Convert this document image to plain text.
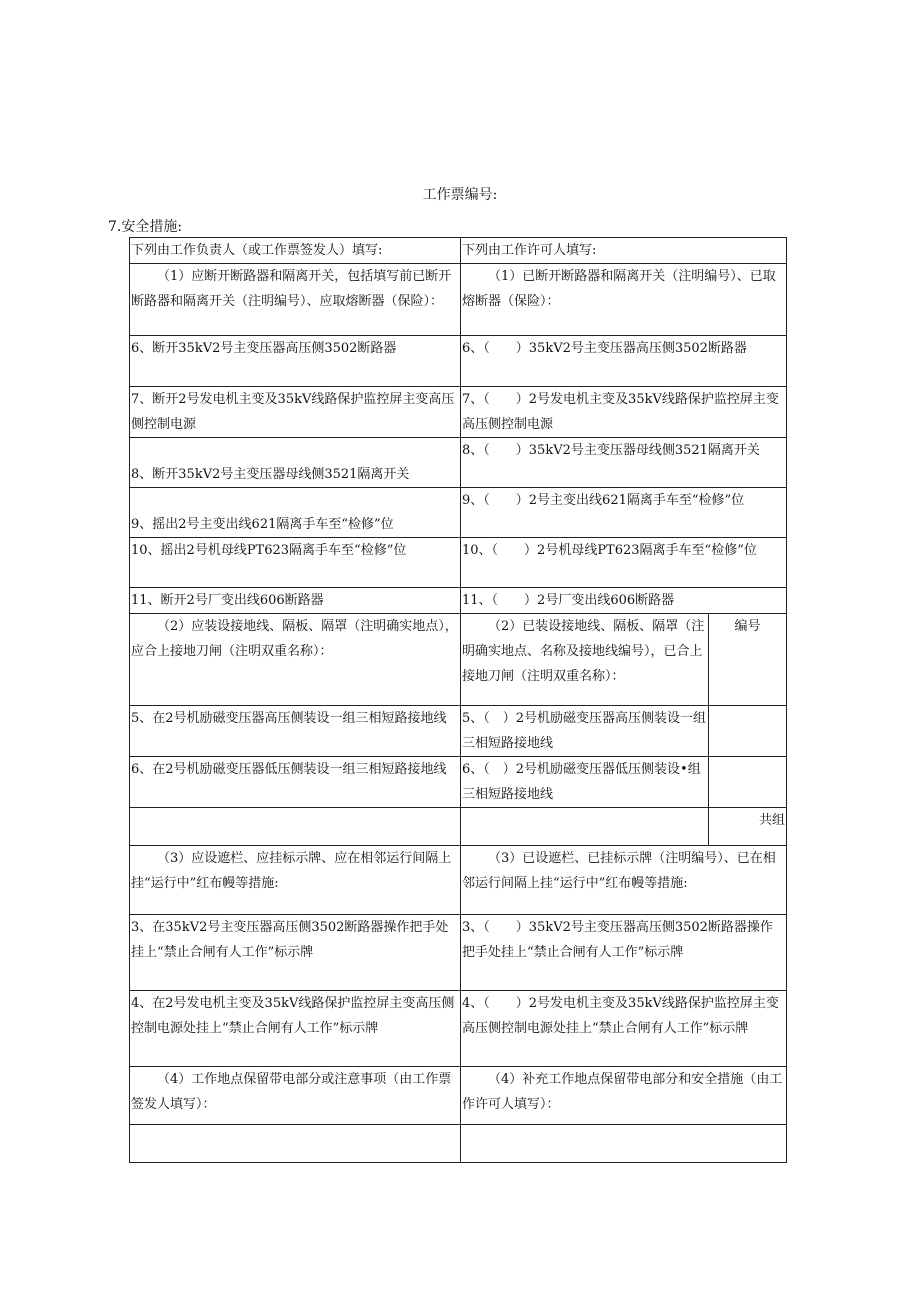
工作票编号:
7.安全措施:
下列由工作负责人（或工作票签发人）填写:	下列由工作许可人填写:	
（1）应断开断路器和隔离开关，包括填写前已断开断路器和隔离开关（注明编号）、应取熔断器（保险）：	（1）已断开断路器和隔离开关（注明编号）、已取熔断器（保险）：	
6、断开35kV2号主变压器高压侧3502断路器	6、（　　）35kV2号主变压器高压侧3502断路器	
7、断开2号发电机主变及35kV线路保护监控屏主变高压侧控制电源	7、（　　）2号发电机主变及35kV线路保护监控屏主变高压侧控制电源	
8、断开35kV2号主变压器母线侧3521隔离开关	8、（　　）35kV2号主变压器母线侧3521隔离开关	
9、摇出2号主变出线621隔离手车至“检修”位	9、（　　）2号主变出线621隔离手车至“检修”位	
10、摇出2号机母线PT623隔离手车至“检修”位	10、（　　）2号机母线PT623隔离手车至“检修”位	
11、断开2号厂变出线606断路器	11、（　　）2号厂变出线606断路器	
（2）应装设接地线、隔板、隔罩（注明确实地点），应合上接地刀闸（注明双重名称）：	（2）已装设接地线、隔板、隔罩（注明确实地点、名称及接地线编号），已合上接地刀闸（注明双重名称）：	编号
5、在2号机励磁变压器高压侧装设一组三相短路接地线	5、（　）2号机励磁变压器高压侧装设一组三相短路接地线	
6、在2号机励磁变压器低压侧装设一组三相短路接地线	6、（　）2号机励磁变压器低压侧装设•组三相短路接地线	
		共组
（3）应设遮栏、应挂标示牌、应在相邻运行间隔上挂“运行中”红布幔等措施:	（3）已设遮栏、已挂标示牌（注明编号）、已在相邻运行间隔上挂“运行中”红布幔等措施:	
3、在35kV2号主变压器高压侧3502断路器操作把手处挂上“禁止合闸有人工作”标示牌	3、（　　）35kV2号主变压器高压侧3502断路器操作把手处挂上“禁止合闸有人工作”标示牌	
4、在2号发电机主变及35kV线路保护监控屏主变高压侧控制电源处挂上“禁止合闸有人工作”标示牌	4、（　　）2号发电机主变及35kV线路保护监控屏主变高压侧控制电源处挂上“禁止合闸有人工作”标示牌	
（4）工作地点保留带电部分或注意事项（由工作票签发人填写）：	（4）补充工作地点保留带电部分和安全措施（由工作许可人填写）：	
